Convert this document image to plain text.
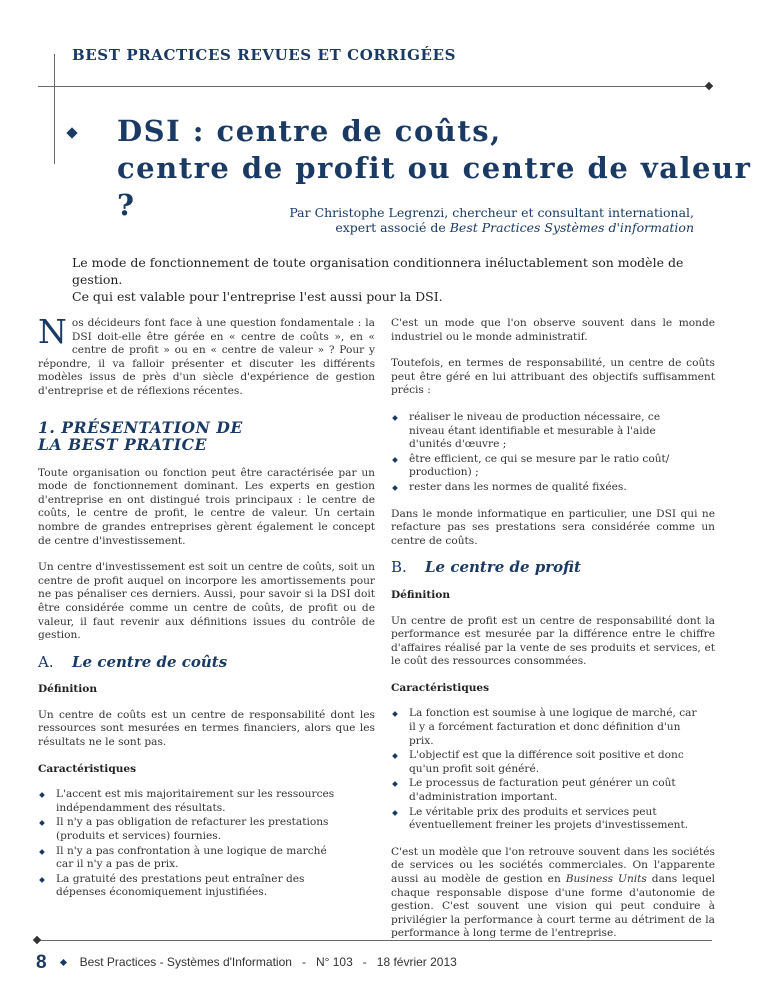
BEST PRACTICES REVUES ET CORRIGÉES
DSI : centre de coûts,
centre de profit ou centre de valeur ?	Par Christophe Legrenzi, chercheur et consultant international,
expert associé de Best Practices Systèmes d'information
Le mode de fonctionnement de toute organisation conditionnera inéluctablement son modèle de gestion.
Ce qui est valable pour l'entreprise l'est aussi pour la DSI.

Nos décideurs font face à une question fondamentale : la DSI doit-elle être gérée en « centre de coûts », en « centre de profit » ou en « centre de valeur » ? Pour y répondre, il va falloir présenter et discuter les différents modèles issus de près d'un siècle d'expérience de gestion d'entreprise et de réflexions récentes.

1. PRÉSENTATION DE
LA BEST PRATICE

Toute organisation ou fonction peut être caractérisée par un mode de fonctionnement dominant. Les experts en gestion d'entreprise en ont distingué trois principaux : le centre de coûts, le centre de profit, le centre de valeur. Un certain nombre de grandes entreprises gèrent également le concept de centre d'investissement.

Un centre d'investissement est soit un centre de coûts, soit un centre de profit auquel on incorpore les amortissements pour ne pas pénaliser ces derniers. Aussi, pour savoir si la DSI doit être considérée comme un centre de coûts, de profit ou de valeur, il faut revenir aux définitions issues du contrôle de gestion.

A. Le centre de coûts
Définition

Un centre de coûts est un centre de responsabilité dont les ressources sont mesurées en termes financiers, alors que les résultats ne le sont pas.

Caractéristiques
L'accent est mis majoritairement sur les ressources indépendamment des résultats.
Il n'y a pas obligation de refacturer les prestations (produits et services) fournies.
Il n'y a pas confrontation à une logique de marché car il n'y a pas de prix.
La gratuité des prestations peut entraîner des dépenses économiquement injustifiées.

C'est un mode que l'on observe souvent dans le monde industriel ou le monde administratif.

Toutefois, en termes de responsabilité, un centre de coûts peut être géré en lui attribuant des objectifs suffisamment précis :

réaliser le niveau de production nécessaire, ce niveau étant identifiable et mesurable à l'aide d'unités d'œuvre ;
être efficient, ce qui se mesure par le ratio coût/ production) ;
rester dans les normes de qualité fixées.

Dans le monde informatique en particulier, une DSI qui ne refacture pas ses prestations sera considérée comme un centre de coûts.

B. Le centre de profit
Définition

Un centre de profit est un centre de responsabilité dont la performance est mesurée par la différence entre le chiffre d'affaires réalisé par la vente de ses produits et services, et le coût des ressources consommées.

Caractéristiques
La fonction est soumise à une logique de marché, car il y a forcément facturation et donc définition d'un prix.
L'objectif est que la différence soit positive et donc qu'un profit soit généré.
Le processus de facturation peut générer un coût d'administration important.
Le véritable prix des produits et services peut éventuellement freiner les projets d'investissement.

C'est un modèle que l'on retrouve souvent dans les sociétés de services ou les sociétés commerciales. On l'apparente aussi au modèle de gestion en Business Units dans lequel chaque responsable dispose d'une forme d'autonomie de gestion. C'est souvent une vision qui peut conduire à privilégier la performance à court terme au détriment de la performance à long terme de l'entreprise.

8	Best Practices - Systèmes d'Information - N° 103 - 18 février 2013
